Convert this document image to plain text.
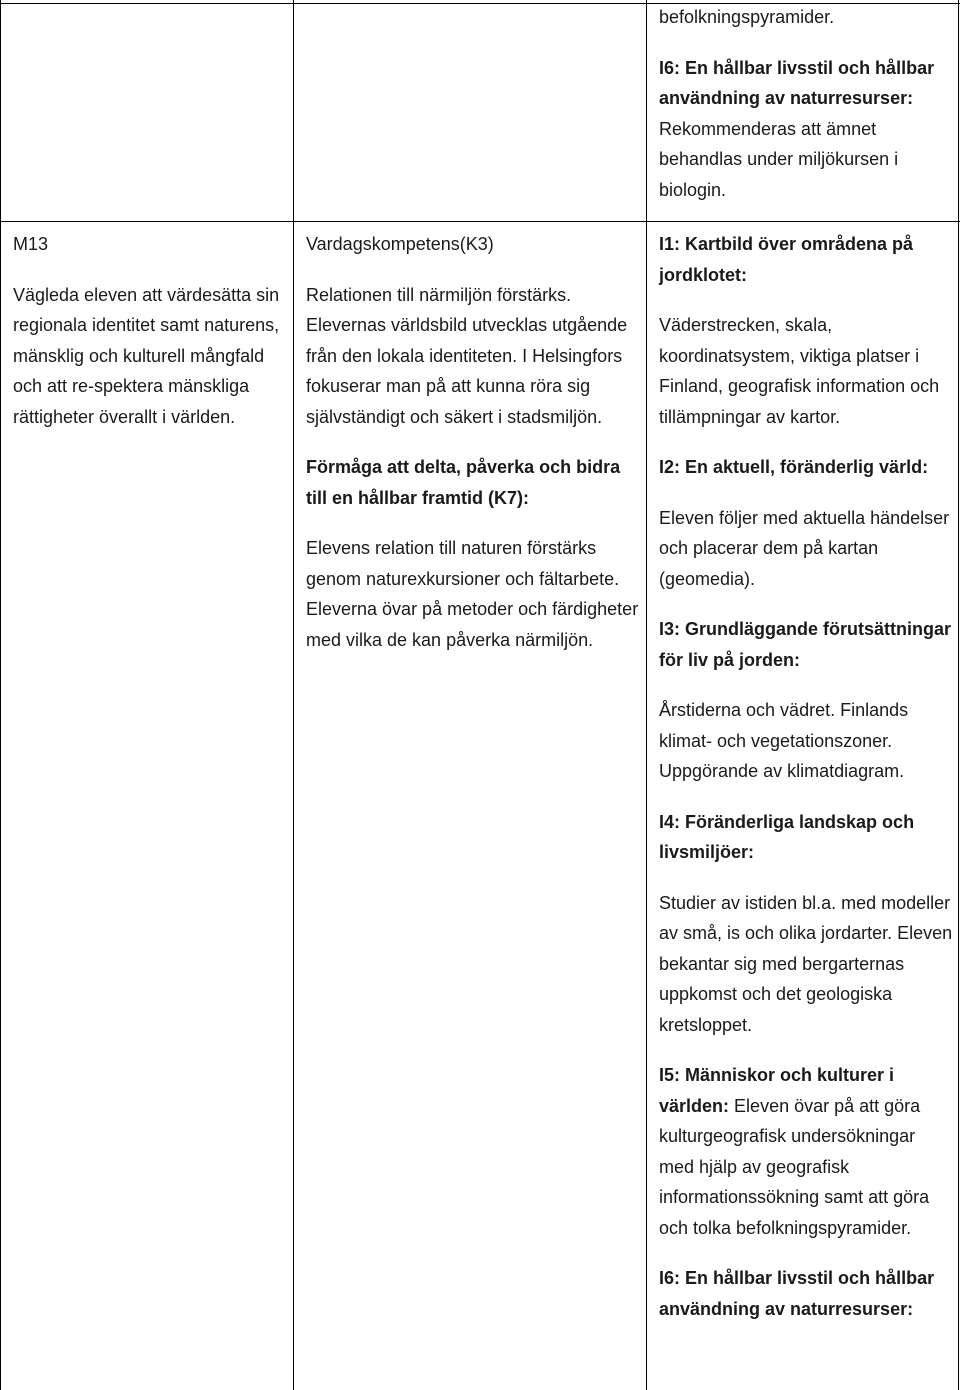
befolkningspyramider.

I6: En hållbar livsstil och hållbar användning av naturresurser:

Rekommenderas att ämnet behandlas under miljökursen i biologin.

M13

Vägleda eleven att värdesätta sin regionala identitet samt naturens, mänsklig och kulturell mångfald och att re-spektera mänskliga rättigheter överallt i världen.

Vardagskompetens(K3)

Relationen till närmiljön förstärks. Elevernas världsbild utvecklas utgående från den lokala identiteten. I Helsingfors fokuserar man på att kunna röra sig självständigt och säkert i stadsmiljön.

Förmåga att delta, påverka och bidra till en hållbar framtid (K7):

Elevens relation till naturen förstärks genom naturexkursioner och fältarbete. Eleverna övar på metoder och färdigheter med vilka de kan påverka närmiljön.

I1: Kartbild över områdena på jordklotet:

Väderstrecken, skala, koordinatsystem, viktiga platser i Finland, geografisk information och tillämpningar av kartor.

I2: En aktuell, föränderlig värld:

Eleven följer med aktuella händelser och placerar dem på kartan (geomedia).

I3: Grundläggande förutsättningar för liv på jorden:

Årstiderna och vädret. Finlands klimat- och vegetationszoner. Uppgörande av klimatdiagram.

I4: Föränderliga landskap och livsmiljöer:

Studier av istiden bl.a. med modeller av små, is och olika jordarter. Eleven bekantar sig med bergarternas uppkomst och det geologiska kretsloppet.

I5: Människor och kulturer i världen: Eleven övar på att göra kulturgeografisk undersökningar med hjälp av geografisk informationssökning samt att göra och tolka befolkningspyramider.

I6: En hållbar livsstil och hållbar användning av naturresurser:
